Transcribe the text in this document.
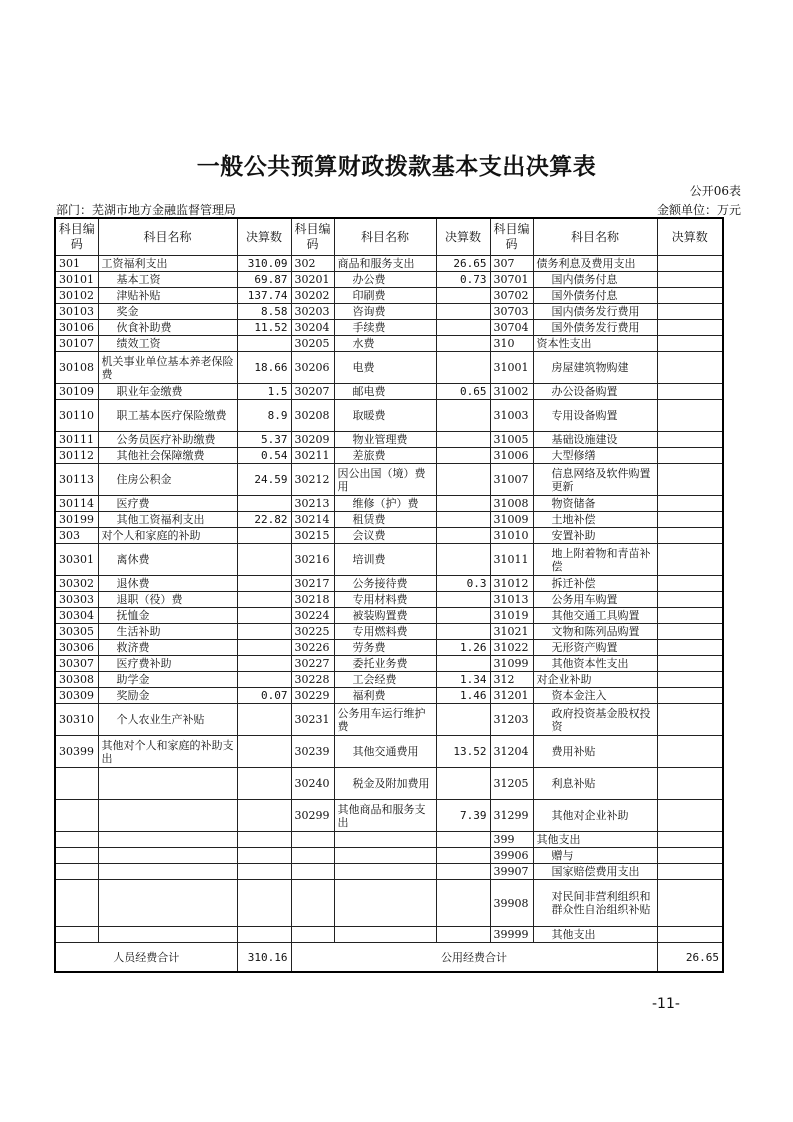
一般公共预算财政拨款基本支出决算表
公开06表
部门：芜湖市地方金融监督管理局	金额单位：万元
科目编码	科目名称	决算数	科目编码	科目名称	决算数	科目编码	科目名称	决算数
301	工资福利支出	310.09	302	商品和服务支出	26.65	307	债务利息及费用支出	
30101	基本工资	69.87	30201	办公费	0.73	30701	国内债务付息	
30102	津贴补贴	137.74	30202	印刷费		30702	国外债务付息	
30103	奖金	8.58	30203	咨询费		30703	国内债务发行费用	
30106	伙食补助费	11.52	30204	手续费		30704	国外债务发行费用	
30107	绩效工资		30205	水费		310	资本性支出	
30108	机关事业单位基本养老保险费	18.66	30206	电费		31001	房屋建筑物购建	
30109	职业年金缴费	1.5	30207	邮电费	0.65	31002	办公设备购置	
30110	职工基本医疗保险缴费	8.9	30208	取暖费		31003	专用设备购置	
30111	公务员医疗补助缴费	5.37	30209	物业管理费		31005	基础设施建设	
30112	其他社会保障缴费	0.54	30211	差旅费		31006	大型修缮	
30113	住房公积金	24.59	30212	因公出国（境）费用		31007	信息网络及软件购置更新	
30114	医疗费		30213	维修（护）费		31008	物资储备	
30199	其他工资福利支出	22.82	30214	租赁费		31009	土地补偿	
303	对个人和家庭的补助		30215	会议费		31010	安置补助	
30301	离休费		30216	培训费		31011	地上附着物和青苗补偿	
30302	退休费		30217	公务接待费	0.3	31012	拆迁补偿	
30303	退职（役）费		30218	专用材料费		31013	公务用车购置	
30304	抚恤金		30224	被装购置费		31019	其他交通工具购置	
30305	生活补助		30225	专用燃料费		31021	文物和陈列品购置	
30306	救济费		30226	劳务费	1.26	31022	无形资产购置	
30307	医疗费补助		30227	委托业务费		31099	其他资本性支出	
30308	助学金		30228	工会经费	1.34	312	对企业补助	
30309	奖励金	0.07	30229	福利费	1.46	31201	资本金注入	
30310	个人农业生产补贴		30231	公务用车运行维护费		31203	政府投资基金股权投资	
30399	其他对个人和家庭的补助支出		30239	其他交通费用	13.52	31204	费用补贴	
			30240	税金及附加费用		31205	利息补贴	
			30299	其他商品和服务支出	7.39	31299	其他对企业补助	
						399	其他支出	
						39906	赠与	
						39907	国家赔偿费用支出	
						39908	对民间非营利组织和群众性自治组织补贴	
						39999	其他支出	
人员经费合计		310.16	公用经费合计					26.65
-11-
